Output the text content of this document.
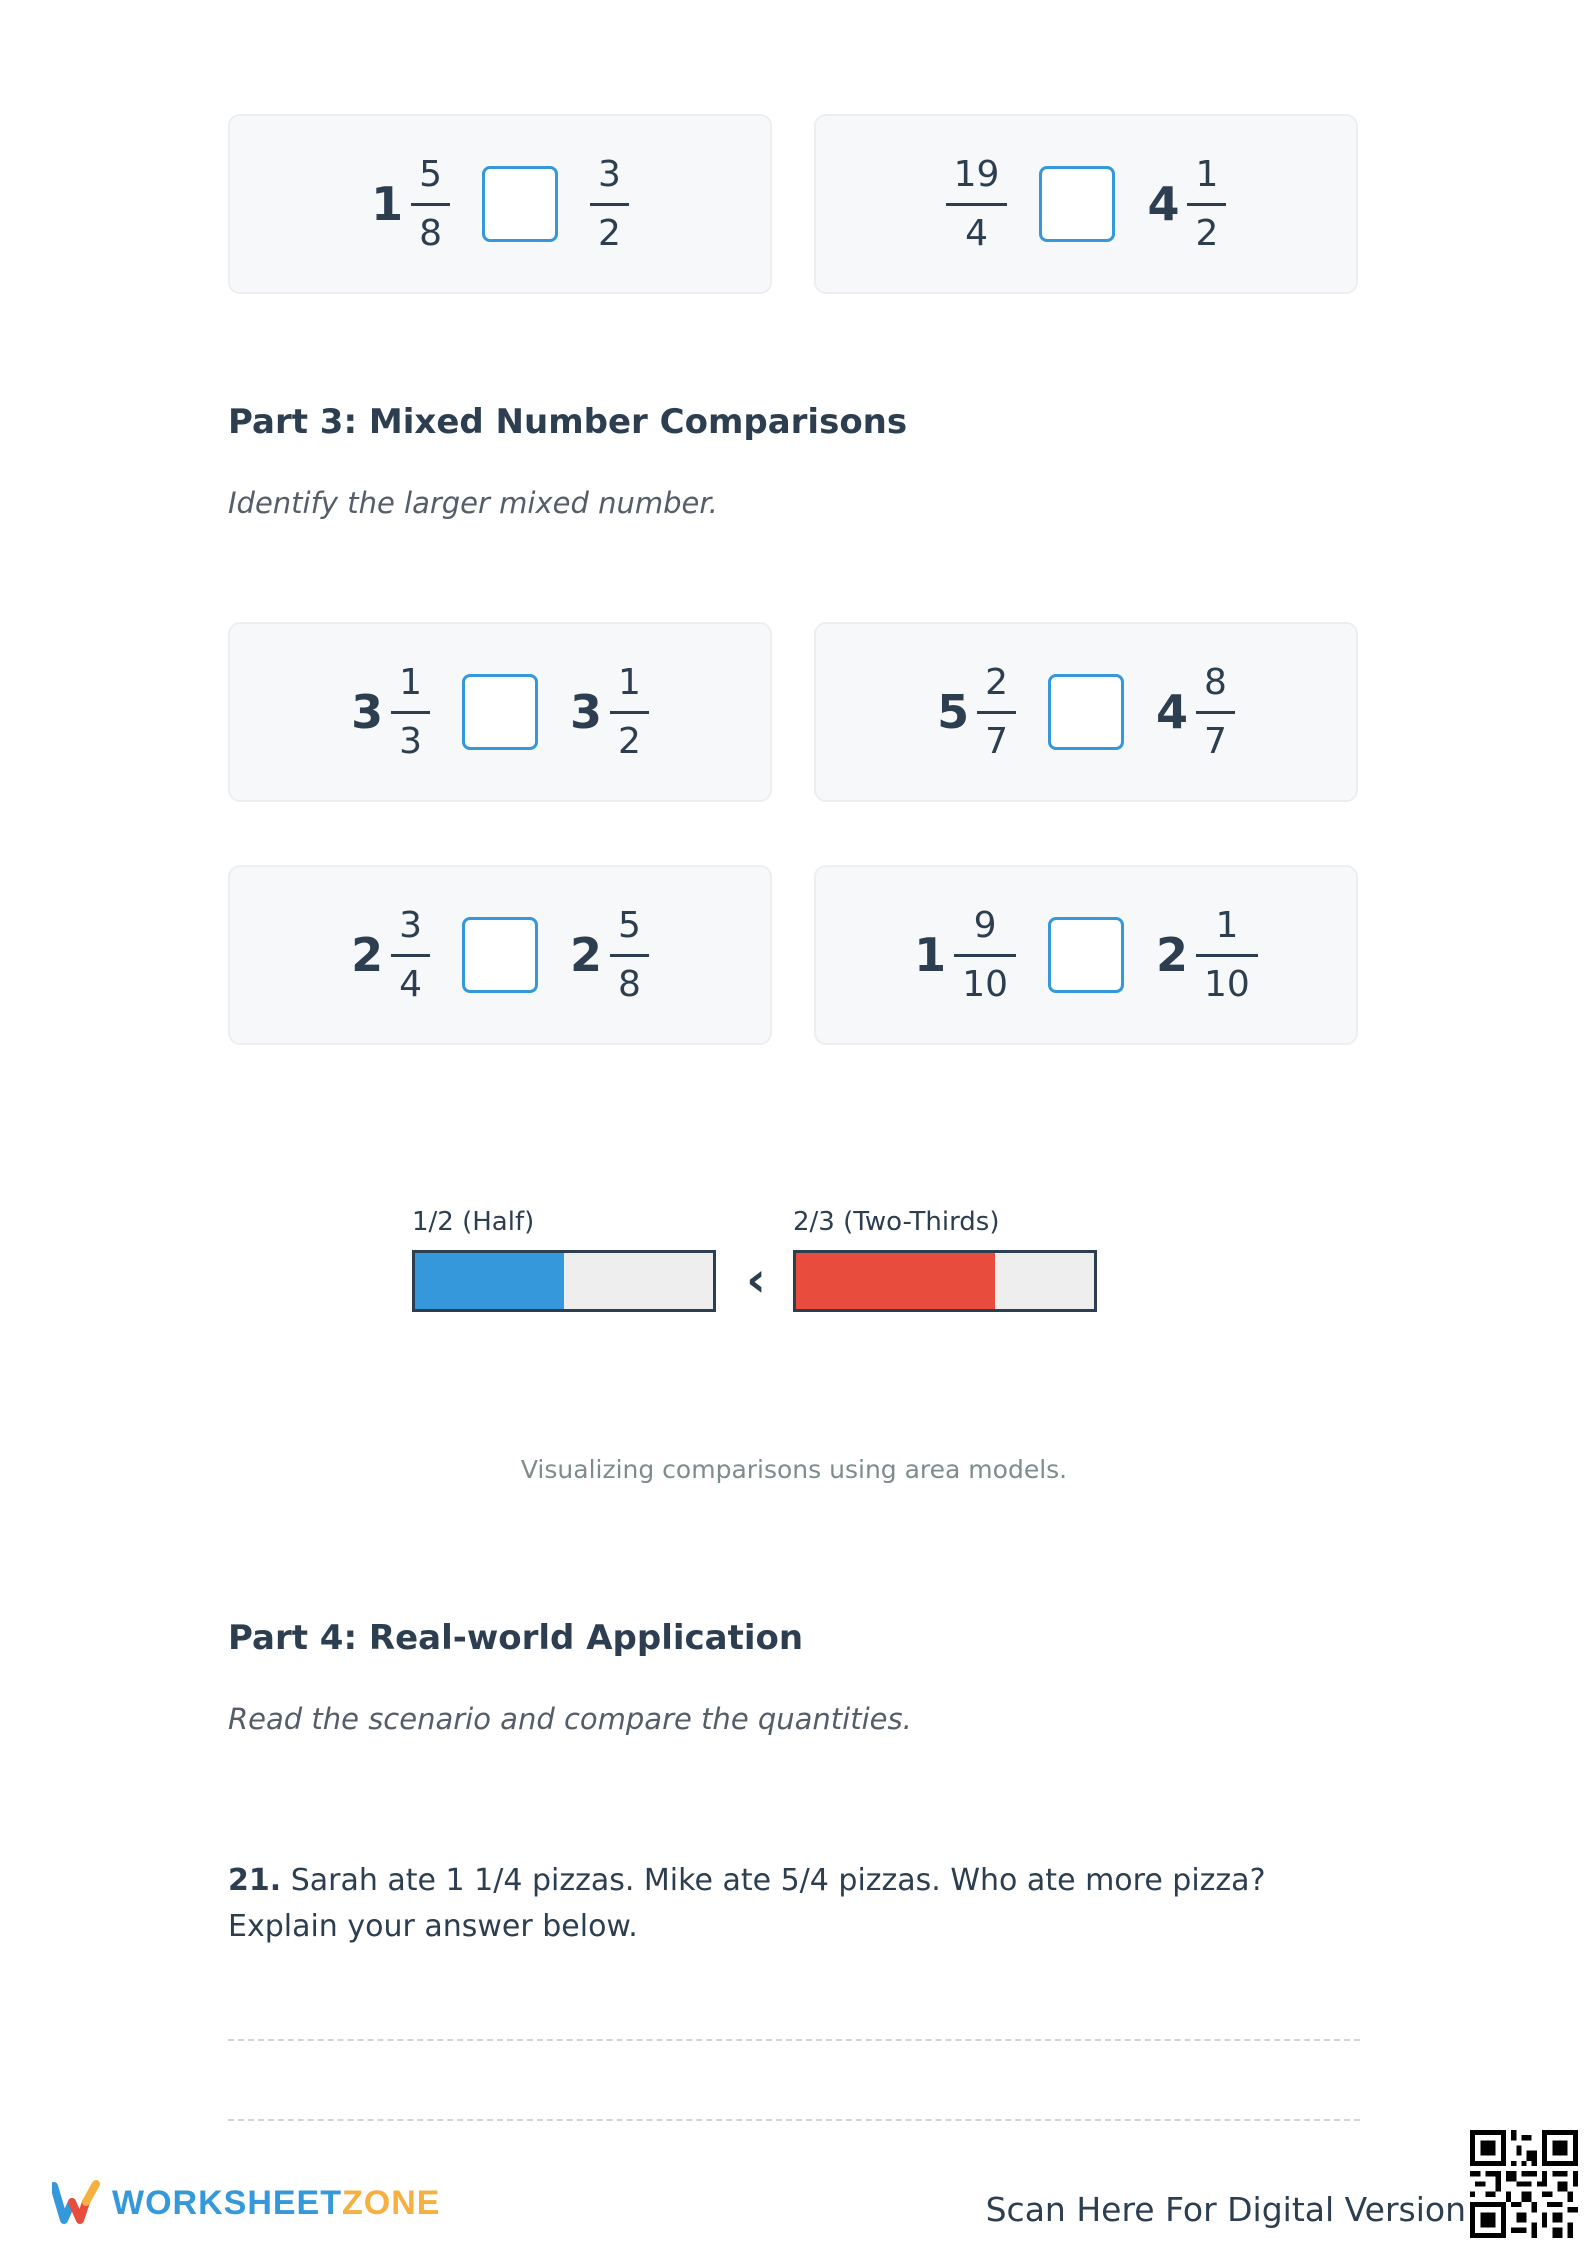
$1 \frac{5}{8}$	$\frac{3}{2}$	$\frac{19}{4}$	$4 \frac{1}{2}$
Part 3: Mixed Number Comparisons

Identify the larger mixed number.

$3 \frac{1}{3}$	$3 \frac{1}{2}$	$5 \frac{2}{7}$	$4 \frac{8}{7}$
$2 \frac{3}{4}$	$2 \frac{5}{8}$	$1 \frac{9}{10}$	$2 \frac{1}{10}$
1/2 (Half)
‹
2/3 (Two-Thirds)
Visualizing comparisons using area models.
Part 4: Real-world Application

Read the scenario and compare the quantities.

21. Sarah ate 1 1/4 pizzas. Mike ate 5/4 pizzas. Who ate more pizza? Explain your answer below.
WORKSHEETZONE	Scan Here For Digital Version
